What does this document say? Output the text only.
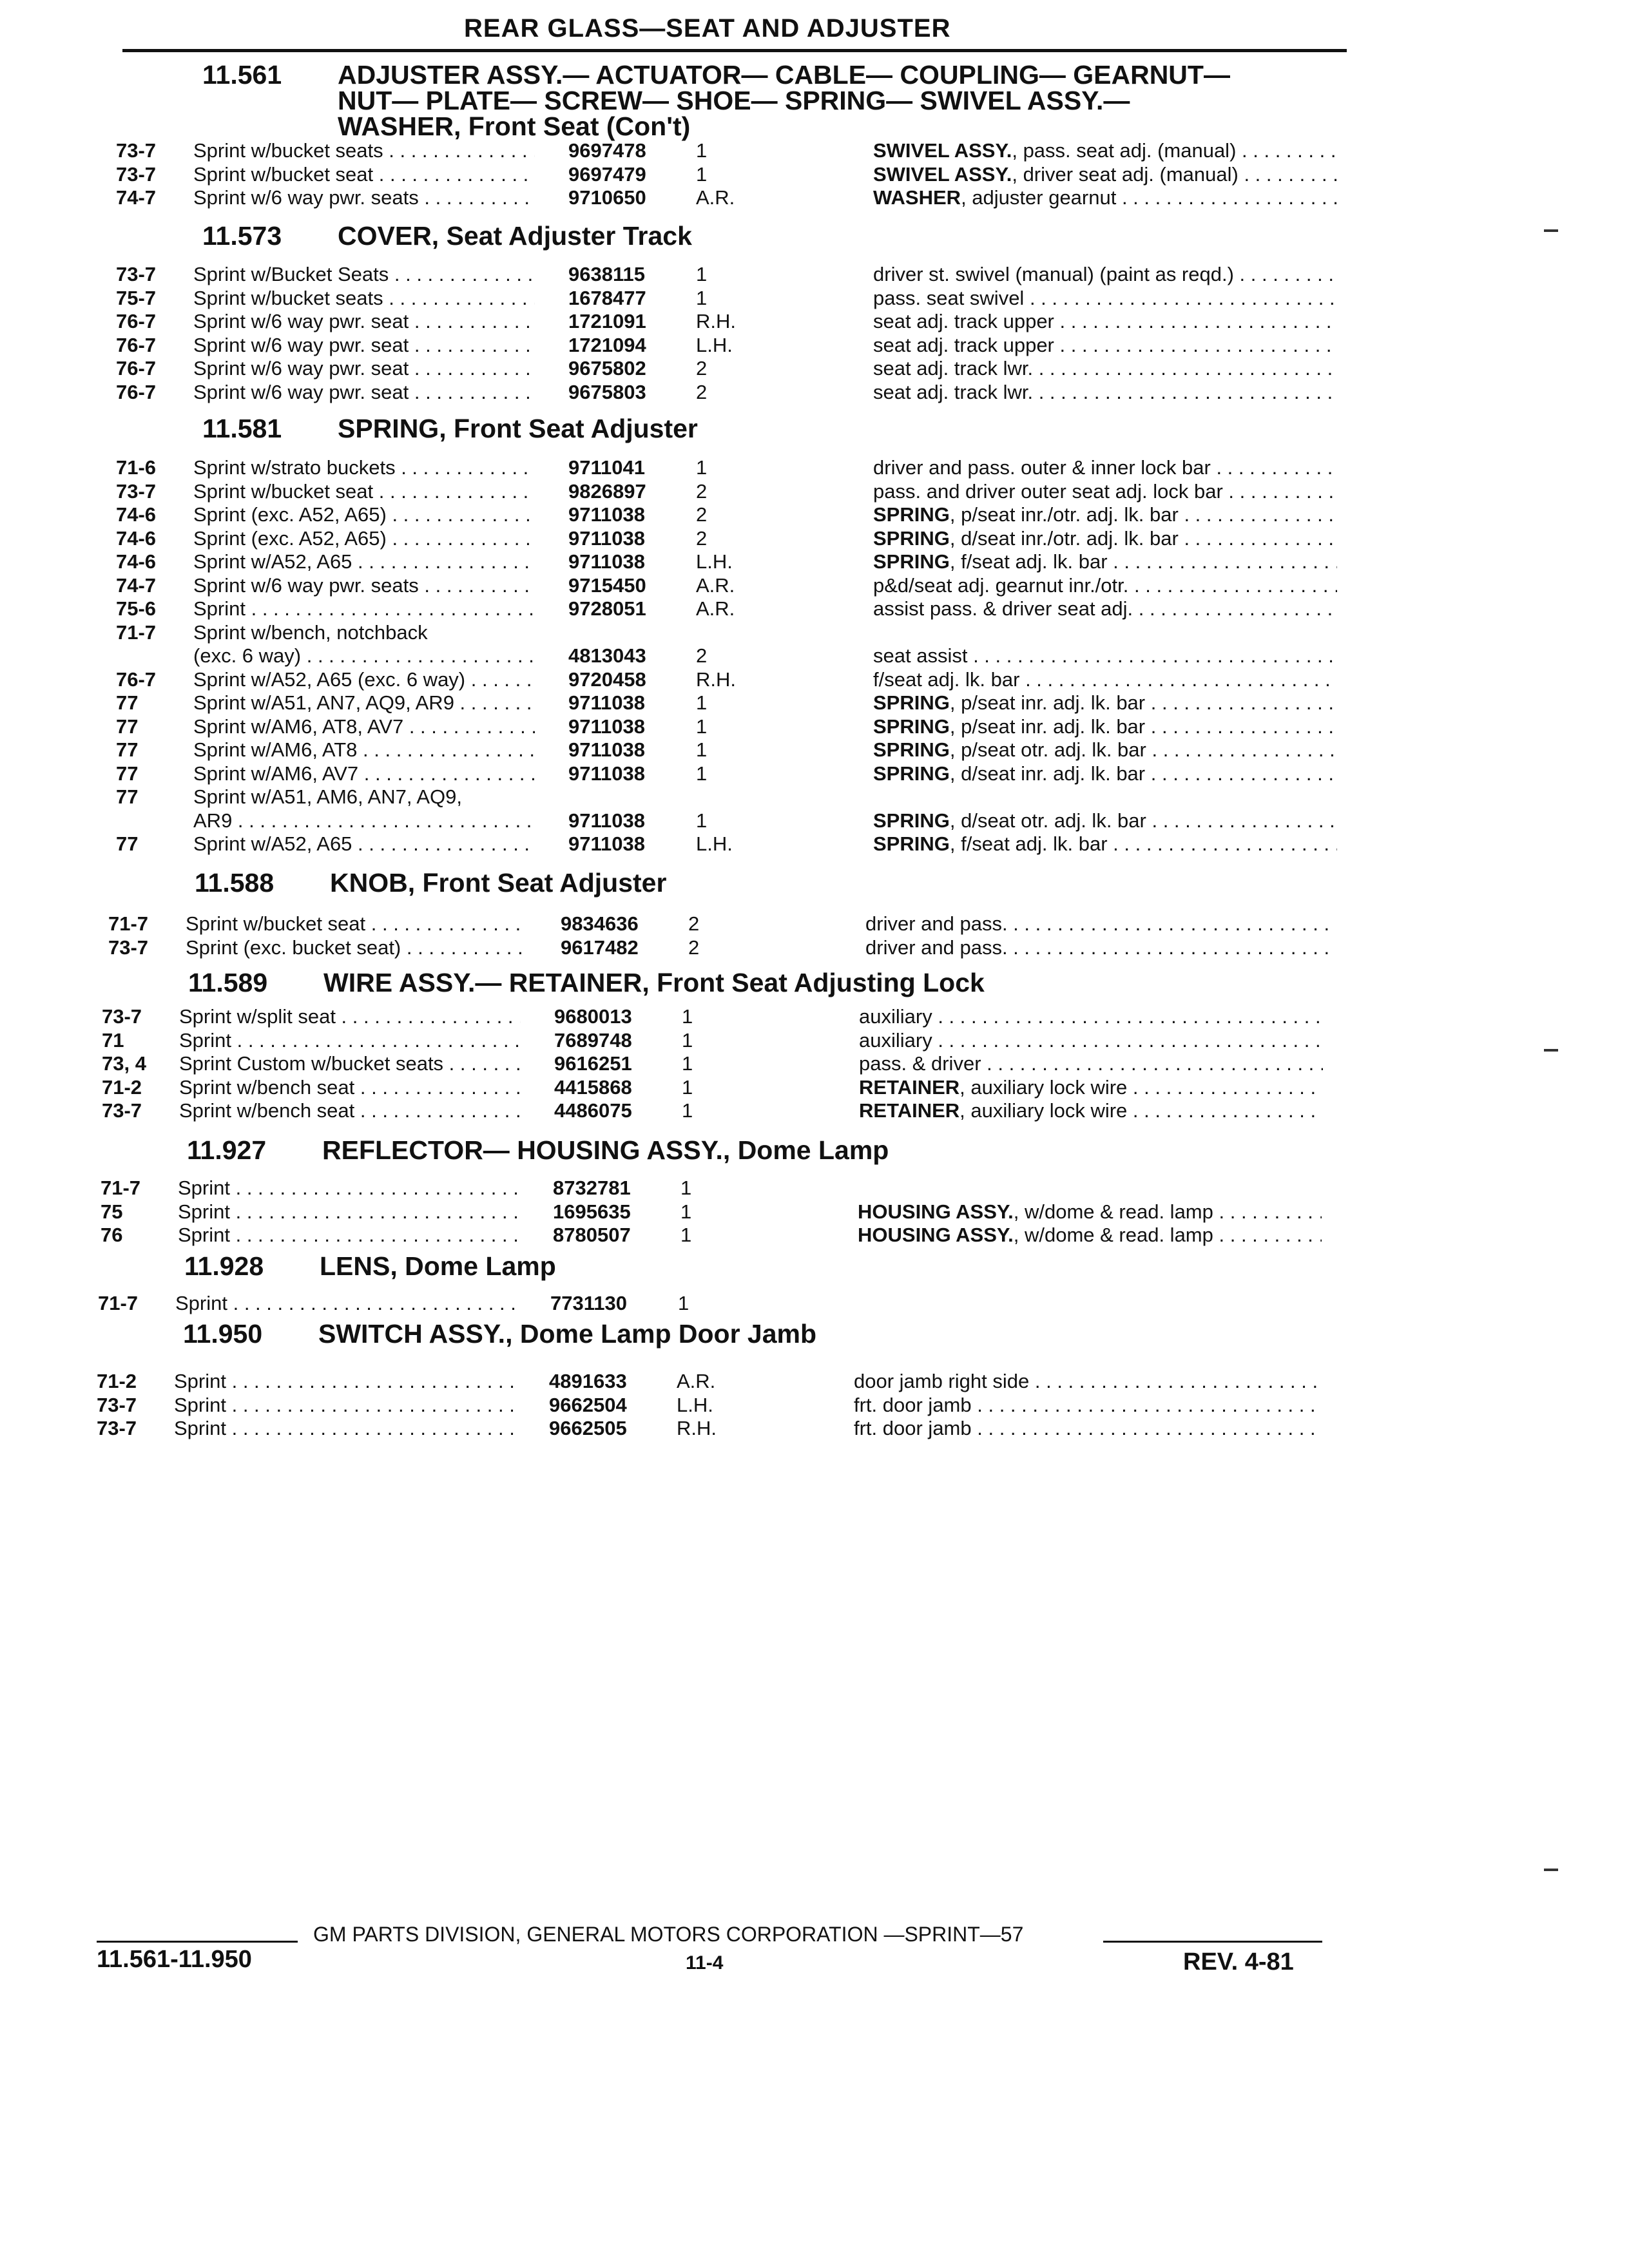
REAR GLASS—SEAT AND ADJUSTER
11.561 ADJUSTER ASSY.— ACTUATOR— CABLE— COUPLING— GEARNUT—
NUT— PLATE— SCREW— SHOE— SPRING— SWIVEL ASSY.—
WASHER, Front Seat (Con't)
73-7 Sprint w/bucket seats . . .	9697478 1	SWIVEL ASSY., pass. seat adj. (manual) . . .
73-7 Sprint w/bucket seat . . .	9697479 1	SWIVEL ASSY., driver seat adj. (manual) . . .
74-7 Sprint w/6 way pwr. seats . . .	9710650 A.R.	WASHER, adjuster gearnut . . .
11.573 COVER, Seat Adjuster Track
73-7 Sprint w/Bucket Seats . . .	9638115	1	driver st. swivel (manual) (paint as reqd.) . . .
75-7 Sprint w/bucket seats . . .	1678477 1	pass. seat swivel . . .
76-7 Sprint w/6 way pwr. seat . . .	1721091 R.H.	seat adj. track upper . . .
76-7 Sprint w/6 way pwr. seat . . .	1721094 L.H.	seat adj. track upper . . .
76-7 Sprint w/6 way pwr. seat . . .	9675802 2	seat adj. track lwr. . . .
76-7 Sprint w/6 way pwr. seat . . .	9675803 2	seat adj. track lwr. . . .
11.581 SPRING, Front Seat Adjuster
71-6 Sprint w/strato buckets . . .	9711041	1	driver and pass. outer & inner lock bar . . .
73-7 Sprint w/bucket seat . . .	9826897 2	pass. and driver outer seat adj. lock bar . . .
74-6 Sprint (exc. A52, A65) . . .	9711038	2	SPRING, p/seat inr./otr. adj. lk. bar . . .
74-6 Sprint (exc. A52, A65) . . .	9711038	2	SPRING, d/seat inr./otr. adj. lk. bar . . .
74-6 Sprint w/A52, A65 . . .	9711038	L.H.	SPRING, f/seat adj. lk. bar . . .
74-7 Sprint w/6 way pwr. seats . . .	9715450 A.R.	p&d/seat adj. gearnut inr./otr. . . .
75-6 Sprint . . .	9728051 A.R.	assist pass. & driver seat adj. . . .
71-7 Sprint w/bench, notchback
(exc. 6 way) . . .	4813043 2	seat assist . . .
76-7 Sprint w/A52, A65 (exc. 6 way) . . .	9720458 R.H.	f/seat adj. lk. bar . . .
77	Sprint w/A51, AN7, AQ9, AR9 . . .	9711038	1	SPRING, p/seat inr. adj. lk. bar . . .
77	Sprint w/AM6, AT8, AV7 . . .	9711038	1	SPRING, p/seat inr. adj. lk. bar . . .
77	Sprint w/AM6, AT8 . . .	9711038	1	SPRING, p/seat otr. adj. lk. bar . . .
77	Sprint w/AM6, AV7 . . .	9711038	1	SPRING, d/seat inr. adj. lk. bar . . .
77	Sprint w/A51, AM6, AN7, AQ9,
AR9 . . .	9711038	1	SPRING, d/seat otr. adj. lk. bar . . .
77	Sprint w/A52, A65 . . .	9711038	L.H.	SPRING, f/seat adj. lk. bar . . .
11.588 KNOB, Front Seat Adjuster
71-7 Sprint w/bucket seat . . .	9834636 2	driver and pass. . . .
73-7 Sprint (exc. bucket seat) . . .	9617482 2	driver and pass. . . .
11.589 WIRE ASSY.— RETAINER, Front Seat Adjusting Lock
73-7 Sprint w/split seat . . .	9680013 1	auxiliary . . .
71	Sprint . . .	7689748 1	auxiliary . . .
73, 4 Sprint Custom w/bucket seats . . .	9616251 1	pass. & driver . . .
71-2 Sprint w/bench seat . . .	4415868 1	RETAINER, auxiliary lock wire . . .
73-7 Sprint w/bench seat . . .	4486075 1	RETAINER, auxiliary lock wire . . .
11.927 REFLECTOR— HOUSING ASSY., Dome Lamp
71-7 Sprint . . .	8732781 1
75	Sprint . . .	1695635 1	HOUSING ASSY., w/dome & read. lamp . . .
76	Sprint . . .	8780507 1	HOUSING ASSY., w/dome & read. lamp . . .
11.928 LENS, Dome Lamp
71-7 Sprint . . .	7731130	1
11.950 SWITCH ASSY., Dome Lamp Door Jamb
71-2 Sprint . . .	4891633 A.R.	door jamb right side . . .
73-7 Sprint . . .	9662504 L.H.	frt. door jamb . . .
73-7 Sprint . . .	9662505 R.H.	frt. door jamb . . .
GM PARTS DIVISION, GENERAL MOTORS CORPORATION —SPRINT—57
11.561-11.950	11-4	REV. 4-81
